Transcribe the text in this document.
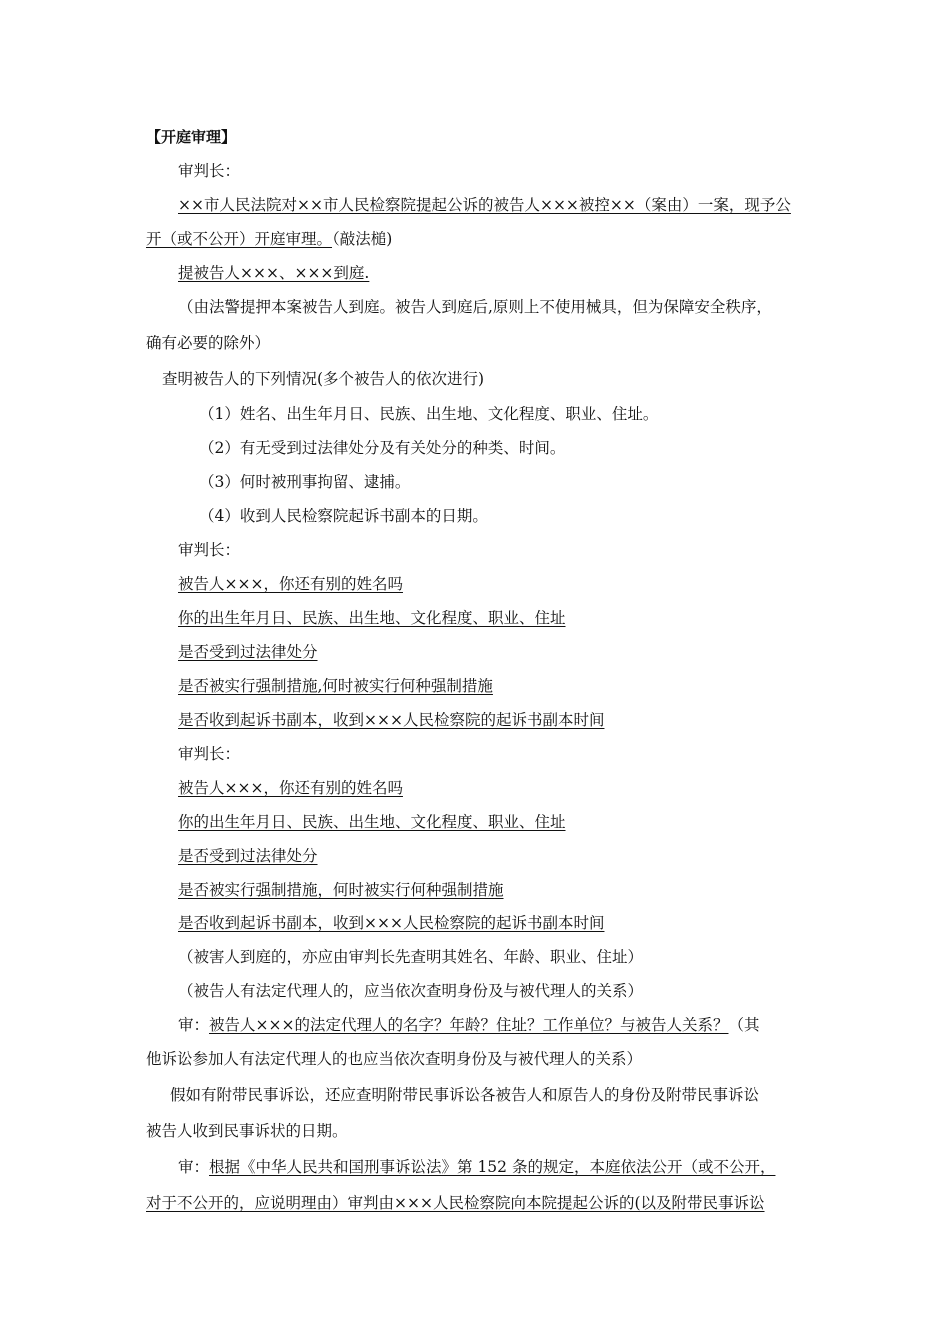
【开庭审理】
审判长：
××市人民法院对××市人民检察院提起公诉的被告人×××被控××（案由）一案，现予公
开（或不公开）开庭审理。（敲法槌)
提被告人×××、×××到庭.
（由法警提押本案被告人到庭。被告人到庭后,原则上不使用械具，但为保障安全秩序，
确有必要的除外）
查明被告人的下列情况(多个被告人的依次进行)
（1）姓名、出生年月日、民族、出生地、文化程度、职业、住址。
（2）有无受到过法律处分及有关处分的种类、时间。
（3）何时被刑事拘留、逮捕。
（4）收到人民检察院起诉书副本的日期。
审判长：
被告人×××，你还有别的姓名吗
你的出生年月日、民族、出生地、文化程度、职业、住址
是否受到过法律处分
是否被实行强制措施,何时被实行何种强制措施
是否收到起诉书副本，收到×××人民检察院的起诉书副本时间
审判长：
被告人×××，你还有别的姓名吗
你的出生年月日、民族、出生地、文化程度、职业、住址
是否受到过法律处分
是否被实行强制措施，何时被实行何种强制措施
是否收到起诉书副本，收到×××人民检察院的起诉书副本时间
（被害人到庭的，亦应由审判长先查明其姓名、年龄、职业、住址）
（被告人有法定代理人的，应当依次查明身份及与被代理人的关系）
审：被告人×××的法定代理人的名字？年龄？住址？工作单位？与被告人关系？（其
他诉讼参加人有法定代理人的也应当依次查明身份及与被代理人的关系）
假如有附带民事诉讼，还应查明附带民事诉讼各被告人和原告人的身份及附带民事诉讼
被告人收到民事诉状的日期。
审：根据《中华人民共和国刑事诉讼法》第 152 条的规定，本庭依法公开（或不公开，
对于不公开的，应说明理由）审判由×××人民检察院向本院提起公诉的(以及附带民事诉讼
